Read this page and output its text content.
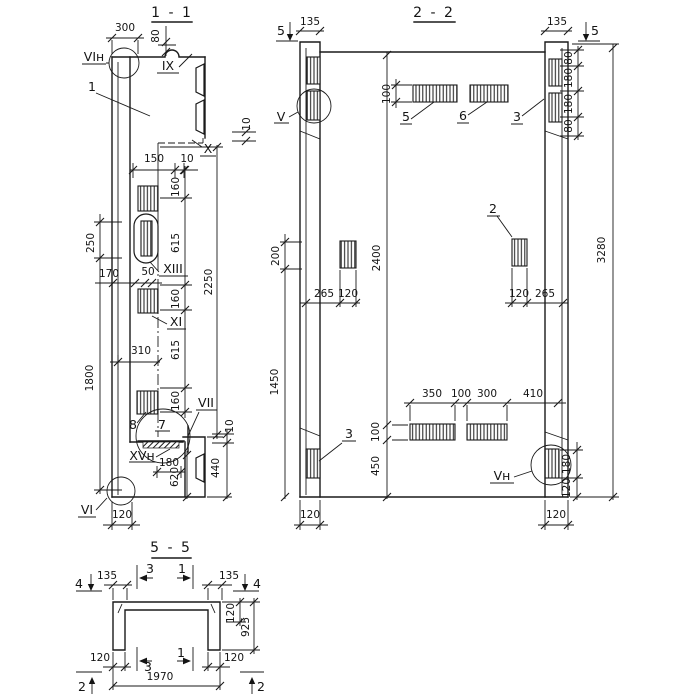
1 - 1
300
80
10
150 10
250
1800
170 50
310
160
615
160
615
160
2250
180
620	440
10
120
VIн
IX
X
XIII
XI
VII
XVн
VI
1
7
8
2 - 2
5	5
135	135
100
80
180
180
80
200
1450
2400	3280
265 120	120 265
350 100 300 410
100
450	180
120
120	120
V
Vн
5	6	3
2
3
5 - 5
4	4
135	135
3 1
120
925
120	120
3
1
1970
2	2
